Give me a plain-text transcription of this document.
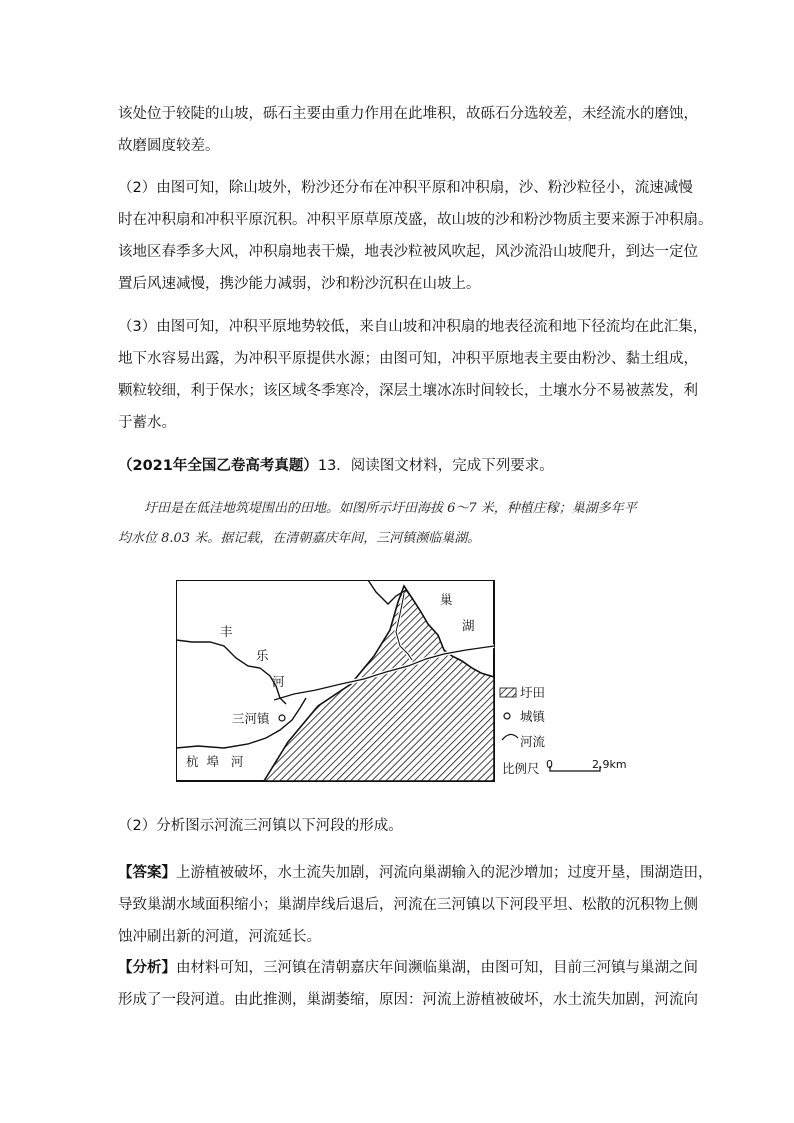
该处位于较陡的山坡，砾石主要由重力作用在此堆积，故砾石分选较差，未经流水的磨蚀，
故磨圆度较差。
（2）由图可知，除山坡外，粉沙还分布在冲积平原和冲积扇，沙、粉沙粒径小，流速减慢
时在冲积扇和冲积平原沉积。冲积平原草原茂盛，故山坡的沙和粉沙物质主要来源于冲积扇。
该地区春季多大风，冲积扇地表干燥，地表沙粒被风吹起，风沙流沿山坡爬升，到达一定位
置后风速减慢，携沙能力减弱，沙和粉沙沉积在山坡上。
（3）由图可知，冲积平原地势较低，来自山坡和冲积扇的地表径流和地下径流均在此汇集，
地下水容易出露，为冲积平原提供水源；由图可知，冲积平原地表主要由粉沙、黏土组成，
颗粒较细，利于保水；该区域冬季寒冷，深层土壤冰冻时间较长，土壤水分不易被蒸发，利
于蓄水。
（2021年全国乙卷高考真题）13．阅读图文材料，完成下列要求。
圩田是在低洼地筑堤围出的田地。如图所示圩田海拔 6～7 米，种植庄稼；巢湖多年平
均水位 8.03 米。据记载，在清朝嘉庆年间，三河镇濒临巢湖。
巢
湖
丰
乐
河
三河镇
杭  埠   河
圩田
城镇
河流
比例尺 0	2.9km
（2）分析图示河流三河镇以下河段的形成。
【答案】上游植被破坏，水土流失加剧，河流向巢湖输入的泥沙增加；过度开垦，围湖造田，
导致巢湖水域面积缩小；巢湖岸线后退后，河流在三河镇以下河段平坦、松散的沉积物上侧
蚀冲刷出新的河道，河流延长。
【分析】由材料可知，三河镇在清朝嘉庆年间濒临巢湖，由图可知，目前三河镇与巢湖之间
形成了一段河道。由此推测，巢湖萎缩，原因：河流上游植被破坏，水土流失加剧，河流向
